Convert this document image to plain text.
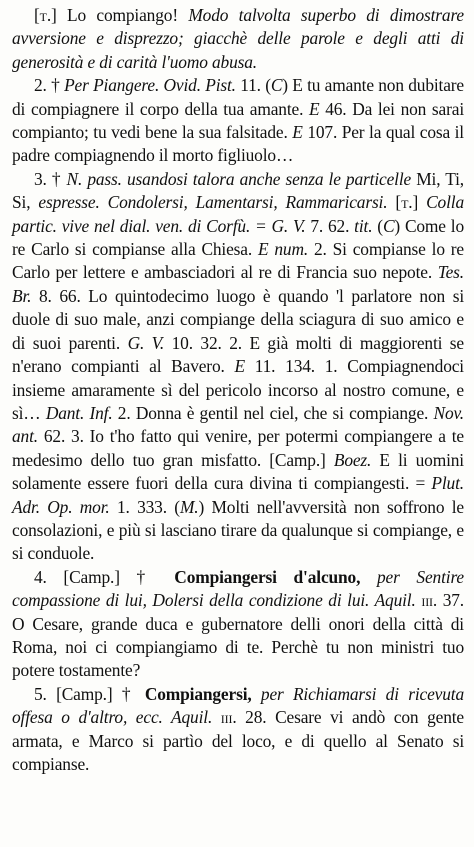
[t.] Lo compiango! Modo talvolta superbo di dimostrare avversione e disprezzo; giacchè delle parole e degli atti di generosità e di carità l'uomo abusa.

2. † Per Piangere. Ovid. Pist. 11. (C) E tu amante non dubitare di compiagnere il corpo della tua amante. E 46. Da lei non sarai compianto; tu vedi bene la sua falsitade. E 107. Per la qual cosa il padre compiagnendo il morto figliuolo…

3. † N. pass. usandosi talora anche senza le particelle Mi, Ti, Si, espresse. Condolersi, Lamentarsi, Rammaricarsi. [t.] Colla partic. vive nel dial. ven. di Corfù. = G. V. 7. 62. tit. (C) Come lo re Carlo si compianse alla Chiesa. E num. 2. Si compianse lo re Carlo per lettere e ambasciadori al re di Francia suo nepote. Tes. Br. 8. 66. Lo quintodecimo luogo è quando 'l parlatore non si duole di suo male, anzi compiange della sciagura di suo amico e di suoi parenti. G. V. 10. 32. 2. E già molti di maggiorenti se n'erano compianti al Bavero. E 11. 134. 1. Compiagnendoci insieme amaramente sì del pericolo incorso al nostro comune, e sì… Dant. Inf. 2. Donna è gentil nel ciel, che si compiange. Nov. ant. 62. 3. Io t'ho fatto qui venire, per potermi compiangere a te medesimo dello tuo gran misfatto. [Camp.] Boez. E li uomini solamente essere fuori della cura divina ti compiangesti. = Plut. Adr. Op. mor. 1. 333. (M.) Molti nell'avversità non soffrono le consolazioni, e più si lasciano tirare da qualunque si compiange, e si conduole.

4. [Camp.] † Compiangersi d'alcuno, per Sentire compassione di lui, Dolersi della condizione di lui. Aquil. iii. 37. O Cesare, grande duca e gubernatore delli onori della città di Roma, noi ci compiangiamo di te. Perchè tu non ministri tuo potere tostamente?

5. [Camp.] † Compiangersi, per Richiamarsi di ricevuta offesa o d'altro, ecc. Aquil. iii. 28. Cesare vi andò con gente armata, e Marco si partìo del loco, e di quello al Senato si compianse.
